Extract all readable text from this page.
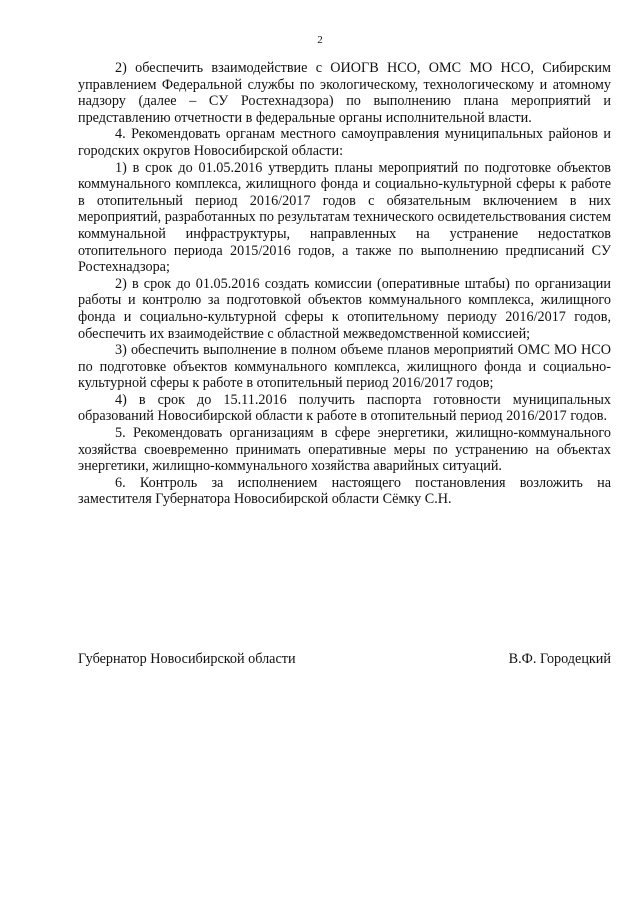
2

2) обеспечить взаимодействие с ОИОГВ НСО, ОМС МО НСО, Сибирским управлением Федеральной службы по экологическому, технологическому и атомному надзору (далее – СУ Ростехнадзора) по выполнению плана мероприятий и представлению отчетности в федеральные органы исполнительной власти.

4. Рекомендовать органам местного самоуправления муниципальных районов и городских округов Новосибирской области:

1) в срок до 01.05.2016 утвердить планы мероприятий по подготовке объектов коммунального комплекса, жилищного фонда и социально-культурной сферы к работе в отопительный период 2016/2017 годов с обязательным включением в них мероприятий, разработанных по результатам технического освидетельствования систем коммунальной инфраструктуры, направленных на устранение недостатков отопительного периода 2015/2016 годов, а также по выполнению предписаний СУ Ростехнадзора;

2) в срок до 01.05.2016 создать комиссии (оперативные штабы) по организации работы и контролю за подготовкой объектов коммунального комплекса, жилищного фонда и социально-культурной сферы к отопительному периоду 2016/2017 годов, обеспечить их взаимодействие с областной межведомственной комиссией;

3) обеспечить выполнение в полном объеме планов мероприятий ОМС МО НСО по подготовке объектов коммунального комплекса, жилищного фонда и социально-культурной сферы к работе в отопительный период 2016/2017 годов;

4) в срок до 15.11.2016 получить паспорта готовности муниципальных образований Новосибирской области к работе в отопительный период 2016/2017 годов.

5. Рекомендовать организациям в сфере энергетики, жилищно-коммунального хозяйства своевременно принимать оперативные меры по устранению на объектах энергетики, жилищно-коммунального хозяйства аварийных ситуаций.

6. Контроль за исполнением настоящего постановления возложить на заместителя Губернатора Новосибирской области Сёмку С.Н.

Губернатор Новосибирской области	В.Ф. Городецкий
